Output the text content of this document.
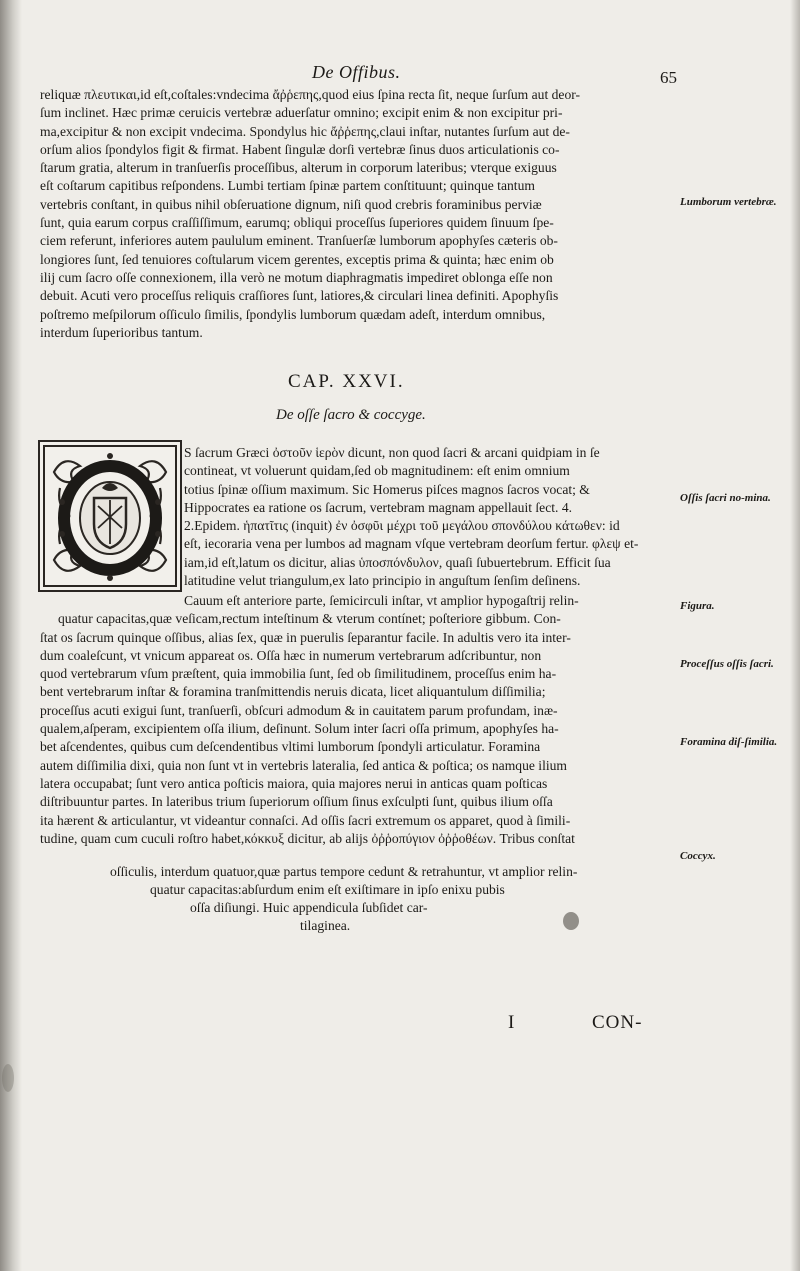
De Offibus.	65
reliquæ πλευτικαι,id eſt,coſtales:vndecima ἄῤῥεπης,quod eius ſpina recta ſit, neque ſurſum aut deor-
ſum inclinet. Hæc primæ ceruicis vertebræ aduerſatur omnino; excipit enim & non excipitur pri-
ma,excipitur & non excipit vndecima. Spondylus hic ἄῤῥεπης,claui inſtar, nutantes ſurſum aut de-
orſum alios ſpondylos figit & firmat. Habent ſingulæ dorſi vertebræ ſinus duos articulationis co-
ſtarum gratia, alterum in tranſuerſis proceſſibus, alterum in corporum lateribus; vterque exiguus
eſt coſtarum capitibus reſpondens. Lumbi tertiam ſpinæ partem conſtituunt; quinque tantum
vertebris conſtant, in quibus nihil obſeruatione dignum, niſi quod crebris foraminibus perviæ
ſunt, quia earum corpus craſſiſſimum, earumq; obliqui proceſſus ſuperiores quidem ſinuum ſpe-
ciem referunt, inferiores autem paululum eminent. Tranſuerſæ lumborum apophyſes cæteris ob-
longiores ſunt, ſed tenuiores coſtularum vicem gerentes, exceptis prima & quinta; hæc enim ob
ilij cum ſacro oſſe connexionem, illa verò ne motum diaphragmatis impediret oblonga eſſe non
debuit. Acuti vero proceſſus reliquis craſſiores ſunt, latiores,& circulari linea definiti. Apophyſis
poſtremo meſpilorum oſſiculo ſimilis, ſpondylis lumborum quædam adeſt, interdum omnibus,
interdum ſuperioribus tantum.
CAP. XXVI.
De oſſe ſacro & coccyge.
S ſacrum Græci ὀστοῦν ἱερὸν dicunt, non quod ſacri & arcani quidpiam in ſe
contineat, vt voluerunt quidam,ſed ob magnitudinem: eſt enim omnium
totius ſpinæ oſſium maximum. Sic Homerus piſces magnos ſacros vocat; &
Hippocrates ea ratione os ſacrum, vertebram magnam appellauit ſect. 4.
2.Epidem. ἡπατῖτις (inquit) ἐν ὀσφῦι μέχρι τοῦ μεγάλου σπονδύλου κάτωθεν: id
eſt, iecoraria vena per lumbos ad magnam vſque vertebram deorſum fertur. φλεψ et-
iam,id eſt,latum os dicitur, alias ὑποσπόνδυλον, quaſi ſubuertebrum. Efficit ſua
latitudine velut triangulum,ex lato principio in anguſtum ſenſim deſinens.
Cauum eſt anteriore parte, ſemicirculi inſtar, vt amplior hypogaſtrij relin-
quatur capacitas,quæ veſicam,rectum inteſtinum & vterum contínet; poſteriore gibbum. Con-
ſtat os ſacrum quinque oſſibus, alias ſex, quæ in puerulis ſeparantur facile. In adultis vero ita inter-
dum coaleſcunt, vt vnicum appareat os. Oſſa hæc in numerum vertebrarum adſcribuntur, non
quod vertebrarum vſum præſtent, quia immobilia ſunt, ſed ob ſimilitudinem, proceſſus enim ha-
bent vertebrarum inſtar & foramina tranſmittendis neruis dicata, licet aliquantulum diſſimilia;
proceſſus acuti exigui ſunt, tranſuerſi, obſcuri admodum & in cauitatem parum profundam, inæ-
qualem,aſperam, excipientem oſſa ilium, deſinunt. Solum inter ſacri oſſa primum, apophyſes ha-
bet aſcendentes, quibus cum deſcendentibus vltimi lumborum ſpondyli articulatur. Foramina
autem diſſimilia dixi, quia non ſunt vt in vertebris lateralia, ſed antica & poſtica; os namque ilium
latera occupabat; ſunt vero antica poſticis maiora, quia majores nerui in anticas quam poſticas
diſtribuuntur partes. In lateribus trium ſuperiorum oſſium ſinus exſculpti ſunt, quibus ilium oſſa
ita hærent & articulantur, vt videantur connaſci. Ad oſſis ſacri extremum os apparet, quod à ſimili-
tudine, quam cum cuculi roſtro habet,κόκκυξ dicitur, ab alijs ὀῤῥοπύγιον ὀῤῥοθέων. Tribus conſtat
oſſiculis, interdum quatuor,quæ partus tempore cedunt & retrahuntur, vt amplior relin-
quatur capacitas:abſurdum enim eſt exiſtimare in ipſo enixu pubis
oſſa diſiungi. Huic appendicula ſubſidet car-
tilaginea.
Lumborum vertebræ.
Oſſis ſacri no-mina.
Figura.
Proceſſus oſſis ſacri.
Foramina diſ-ſimilia.
Coccyx.
I	CON-
